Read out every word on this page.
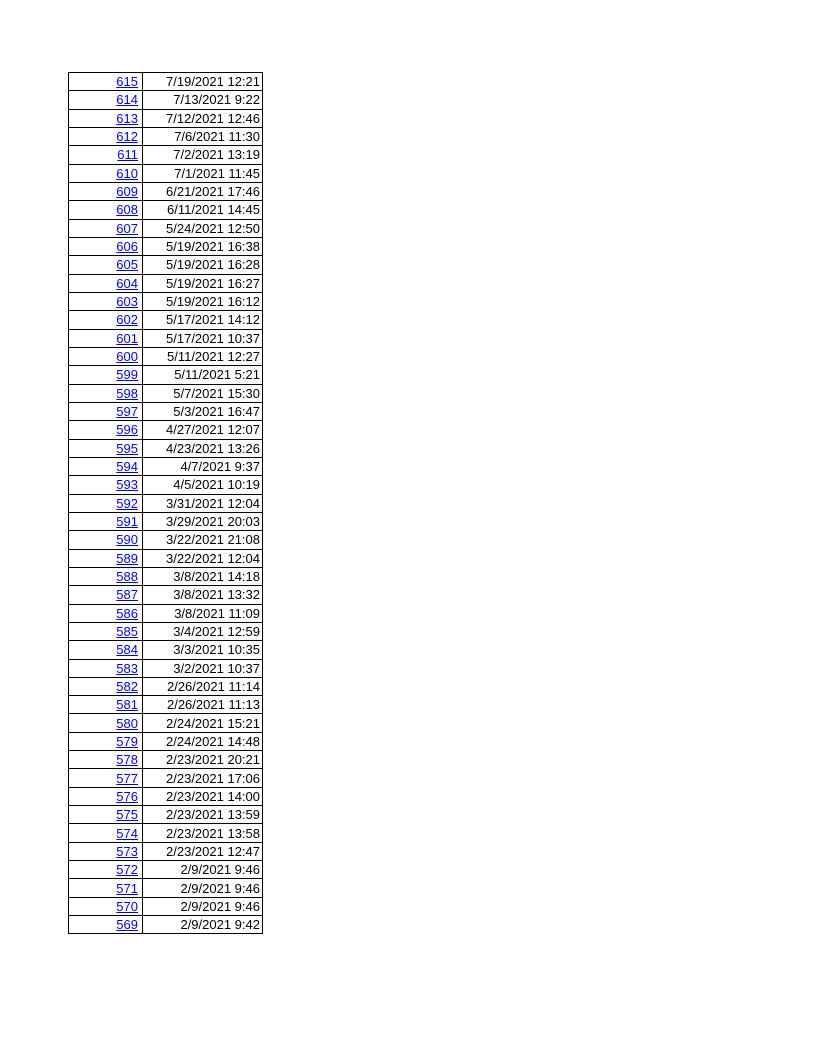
615	7/19/2021 12:21
614	7/13/2021 9:22
613	7/12/2021 12:46
612	7/6/2021 11:30
611	7/2/2021 13:19
610	7/1/2021 11:45
609	6/21/2021 17:46
608	6/11/2021 14:45
607	5/24/2021 12:50
606	5/19/2021 16:38
605	5/19/2021 16:28
604	5/19/2021 16:27
603	5/19/2021 16:12
602	5/17/2021 14:12
601	5/17/2021 10:37
600	5/11/2021 12:27
599	5/11/2021 5:21
598	5/7/2021 15:30
597	5/3/2021 16:47
596	4/27/2021 12:07
595	4/23/2021 13:26
594	4/7/2021 9:37
593	4/5/2021 10:19
592	3/31/2021 12:04
591	3/29/2021 20:03
590	3/22/2021 21:08
589	3/22/2021 12:04
588	3/8/2021 14:18
587	3/8/2021 13:32
586	3/8/2021 11:09
585	3/4/2021 12:59
584	3/3/2021 10:35
583	3/2/2021 10:37
582	2/26/2021 11:14
581	2/26/2021 11:13
580	2/24/2021 15:21
579	2/24/2021 14:48
578	2/23/2021 20:21
577	2/23/2021 17:06
576	2/23/2021 14:00
575	2/23/2021 13:59
574	2/23/2021 13:58
573	2/23/2021 12:47
572	2/9/2021 9:46
571	2/9/2021 9:46
570	2/9/2021 9:46
569	2/9/2021 9:42
